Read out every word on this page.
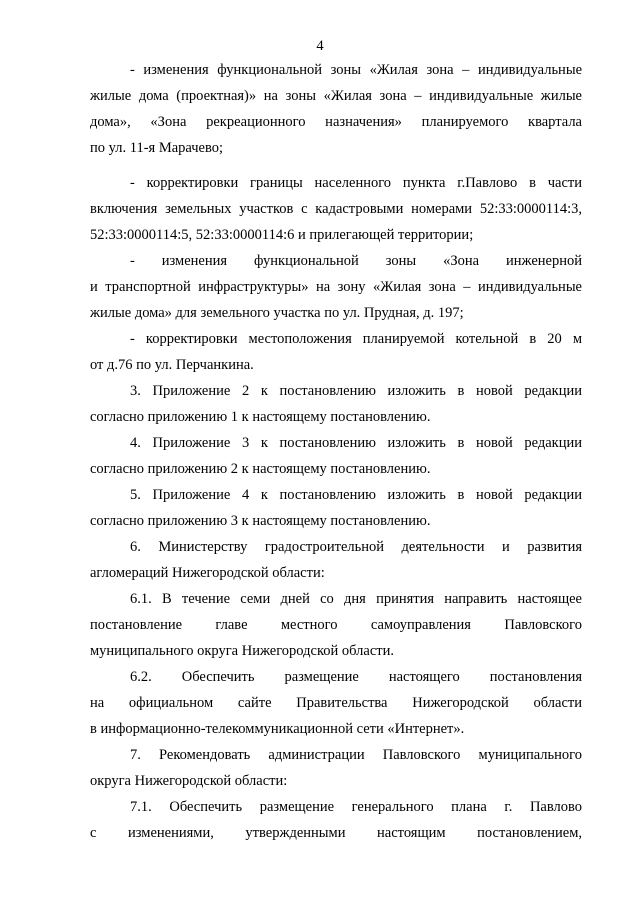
4
- изменения функциональной зоны «Жилая зона – индивидуальные
жилые дома (проектная)» на зоны «Жилая зона – индивидуальные жилые
дома», «Зона рекреационного назначения» планируемого квартала
по ул. 11-я Марачево;
- корректировки границы населенного пункта г.Павлово в части
включения земельных участков с кадастровыми номерами 52:33:0000114:3,
52:33:0000114:5, 52:33:0000114:6 и прилегающей территории;
- изменения функциональной зоны «Зона инженерной
и транспортной инфраструктуры» на зону «Жилая зона – индивидуальные
жилые дома» для земельного участка по ул. Прудная, д. 197;
- корректировки местоположения планируемой котельной в 20 м
от д.76 по ул. Перчанкина.
3. Приложение 2 к постановлению изложить в новой редакции
согласно приложению 1 к настоящему постановлению.
4. Приложение 3 к постановлению изложить в новой редакции
согласно приложению 2 к настоящему постановлению.
5. Приложение 4 к постановлению изложить в новой редакции
согласно приложению 3 к настоящему постановлению.
6. Министерству градостроительной деятельности и развития
агломераций Нижегородской области:
6.1. В течение семи дней со дня принятия направить настоящее
постановление главе местного самоуправления Павловского
муниципального округа Нижегородской области.
6.2. Обеспечить размещение настоящего постановления
на официальном сайте Правительства Нижегородской области
в информационно-телекоммуникационной сети «Интернет».
7. Рекомендовать администрации Павловского муниципального
округа Нижегородской области:
7.1. Обеспечить размещение генерального плана г. Павлово
с изменениями, утвержденными настоящим постановлением,
